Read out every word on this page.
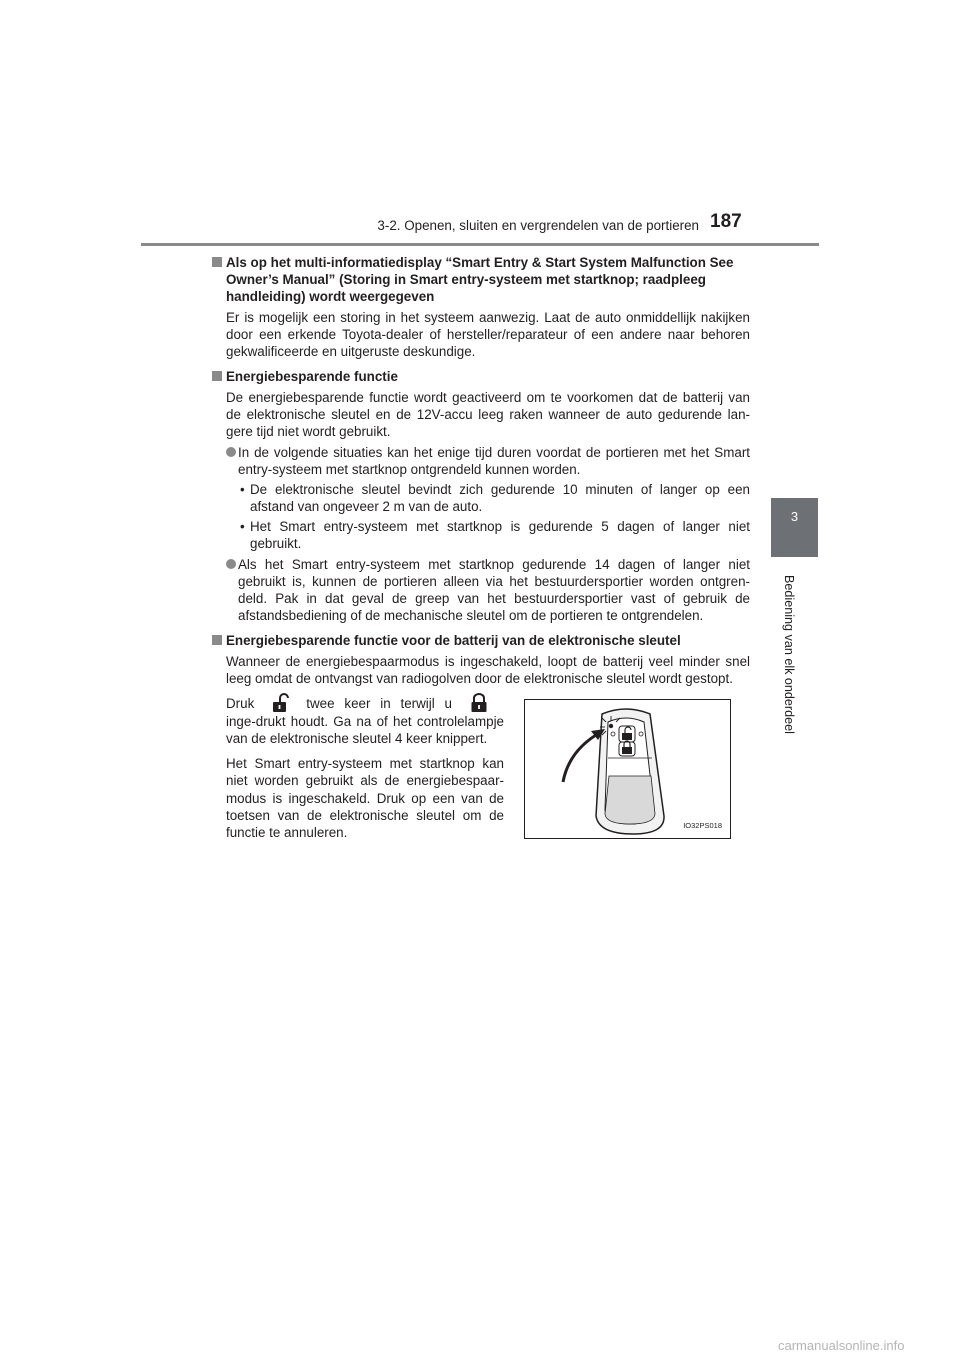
3-2. Openen, sluiten en vergrendelen van de portieren 187
3
Bediening van elk onderdeel

Als op het multi-informatiedisplay “Smart Entry & Start System Malfunction See Owner’s Manual” (Storing in Smart entry-systeem met startknop; raadpleeg handleiding) wordt weergegeven

Er is mogelijk een storing in het systeem aanwezig. Laat de auto onmiddellijk nakijken door een erkende Toyota-dealer of hersteller/reparateur of een andere naar behoren gekwalificeerde en uitgeruste deskundige.

Energiebesparende functie

De energiebesparende functie wordt geactiveerd om te voorkomen dat de batterij van de elektronische sleutel en de 12V-accu leeg raken wanneer de auto gedurende lan-gere tijd niet wordt gebruikt.

In de volgende situaties kan het enige tijd duren voordat de portieren met het Smart entry-systeem met startknop ontgrendeld kunnen worden.
• De elektronische sleutel bevindt zich gedurende 10 minuten of langer op een afstand van ongeveer 2 m van de auto.
• Het Smart entry-systeem met startknop is gedurende 5 dagen of langer niet gebruikt.
Als het Smart entry-systeem met startknop gedurende 14 dagen of langer niet gebruikt is, kunnen de portieren alleen via het bestuurdersportier worden ontgren-deld. Pak in dat geval de greep van het bestuurdersportier vast of gebruik de afstandsbediening of de mechanische sleutel om de portieren te ontgrendelen.

Energiebesparende functie voor de batterij van de elektronische sleutel

Wanneer de energiebespaarmodus is ingeschakeld, loopt de batterij veel minder snel leeg omdat de ontvangst van radiogolven door de elektronische sleutel wordt gestopt.

Druk	twee keer in terwijl uinge-drukt houdt. Ga na of het controlelampje van de elektronische sleutel 4 keer knippert.

Het Smart entry-systeem met startknop kan niet worden gebruikt als de energiebespaar-modus is ingeschakeld. Druk op een van de toetsen van de elektronische sleutel om de functie te annuleren.	IO32PS018
carmanualsonline.info
